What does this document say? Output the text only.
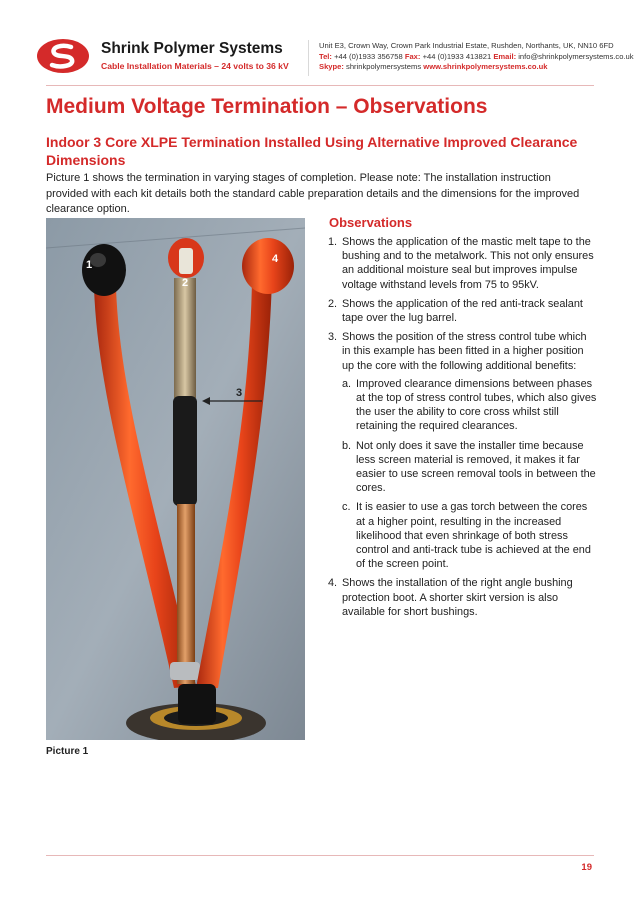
Shrink Polymer Systems
Cable Installation Materials – 24 volts to 36 kV
Unit E3, Crown Way, Crown Park Industrial Estate, Rushden, Northants, UK, NN10 6FD
Tel: +44 (0)1933 356758 Fax: +44 (0)1933 413821 Email: info@shrinkpolymersystems.co.uk
Skype: shrinkpolymersystems www.shrinkpolymersystems.co.uk
Medium Voltage Termination – Observations
Indoor 3 Core XLPE Termination Installed Using Alternative Improved Clearance Dimensions

Picture 1 shows the termination in varying stages of completion. Please note: The installation instruction provided with each kit details both the standard cable preparation details and the dimensions for the improved clearance option.

1
2
4
3
Picture 1
Observations
1. Shows the application of the mastic melt tape to the bushing and to the metalwork. This not only ensures an additional moisture seal but improves impulse voltage withstand levels from 75 to 95kV.
2. Shows the application of the red anti-track sealant tape over the lug barrel.
3. Shows the position of the stress control tube which in this example has been fitted in a higher position up the core with the following additional benefits:
a. Improved clearance dimensions between phases at the top of stress control tubes, which also gives the user the ability to core cross whilst still retaining the required clearances.
b. Not only does it save the installer time because less screen material is removed, it makes it far easier to use screen removal tools in between the cores.
c. It is easier to use a gas torch between the cores at a higher point, resulting in the increased likelihood that even shrinkage of both stress control and anti-track tube is achieved at the end of the screen point.
4. Shows the installation of the right angle bushing protection boot. A shorter skirt version is also available for short bushings.
19
